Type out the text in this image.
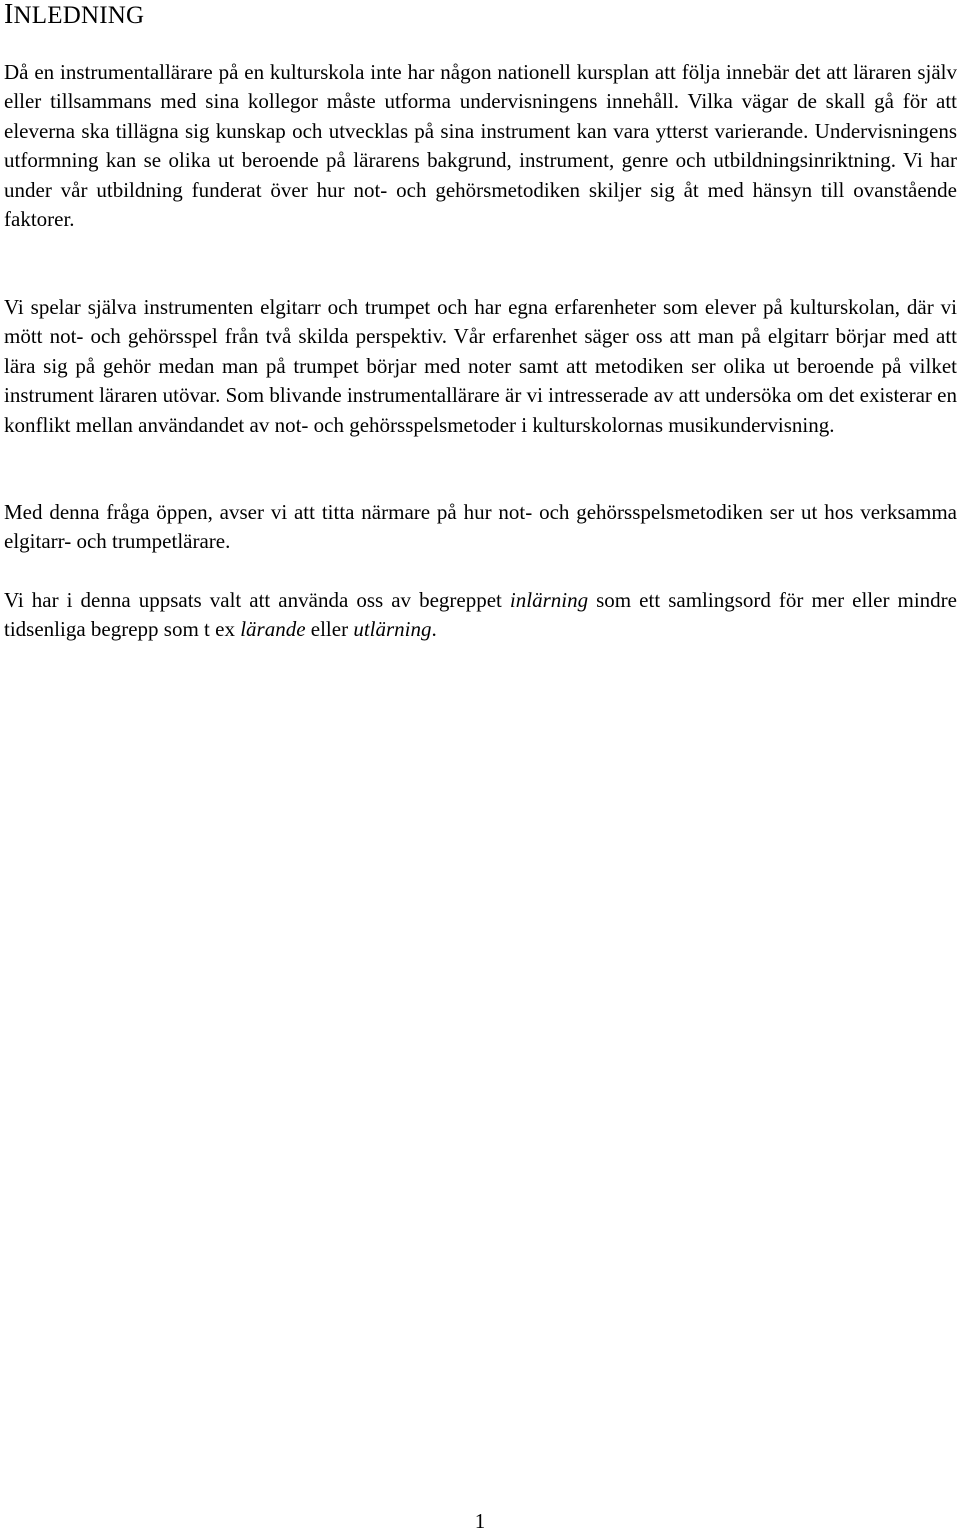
INLEDNING

Då en instrumentallärare på en kulturskola inte har någon nationell kursplan att följa innebär det att läraren själv eller tillsammans med sina kollegor måste utforma undervisningens innehåll. Vilka vägar de skall gå för att eleverna ska tillägna sig kunskap och utvecklas på sina instrument kan vara ytterst varierande. Undervisningens utformning kan se olika ut beroende på lärarens bakgrund, instrument, genre och utbildningsinriktning. Vi har under vår utbildning funderat över hur not- och gehörsmetodiken skiljer sig åt med hänsyn till ovanstående faktorer.

Vi spelar själva instrumenten elgitarr och trumpet och har egna erfarenheter som elever på kulturskolan, där vi mött not- och gehörsspel från två skilda perspektiv. Vår erfarenhet säger oss att man på elgitarr börjar med att lära sig på gehör medan man på trumpet börjar med noter samt att metodiken ser olika ut beroende på vilket instrument läraren utövar. Som blivande instrumentallärare är vi intresserade av att undersöka om det existerar en konflikt mellan användandet av not- och gehörsspelsmetoder i kulturskolornas musikundervisning.

Med denna fråga öppen, avser vi att titta närmare på hur not- och gehörsspelsmetodiken ser ut hos verksamma elgitarr- och trumpetlärare.

Vi har i denna uppsats valt att använda oss av begreppet inlärning som ett samlingsord för mer eller mindre tidsenliga begrepp som t ex lärande eller utlärning.

1
